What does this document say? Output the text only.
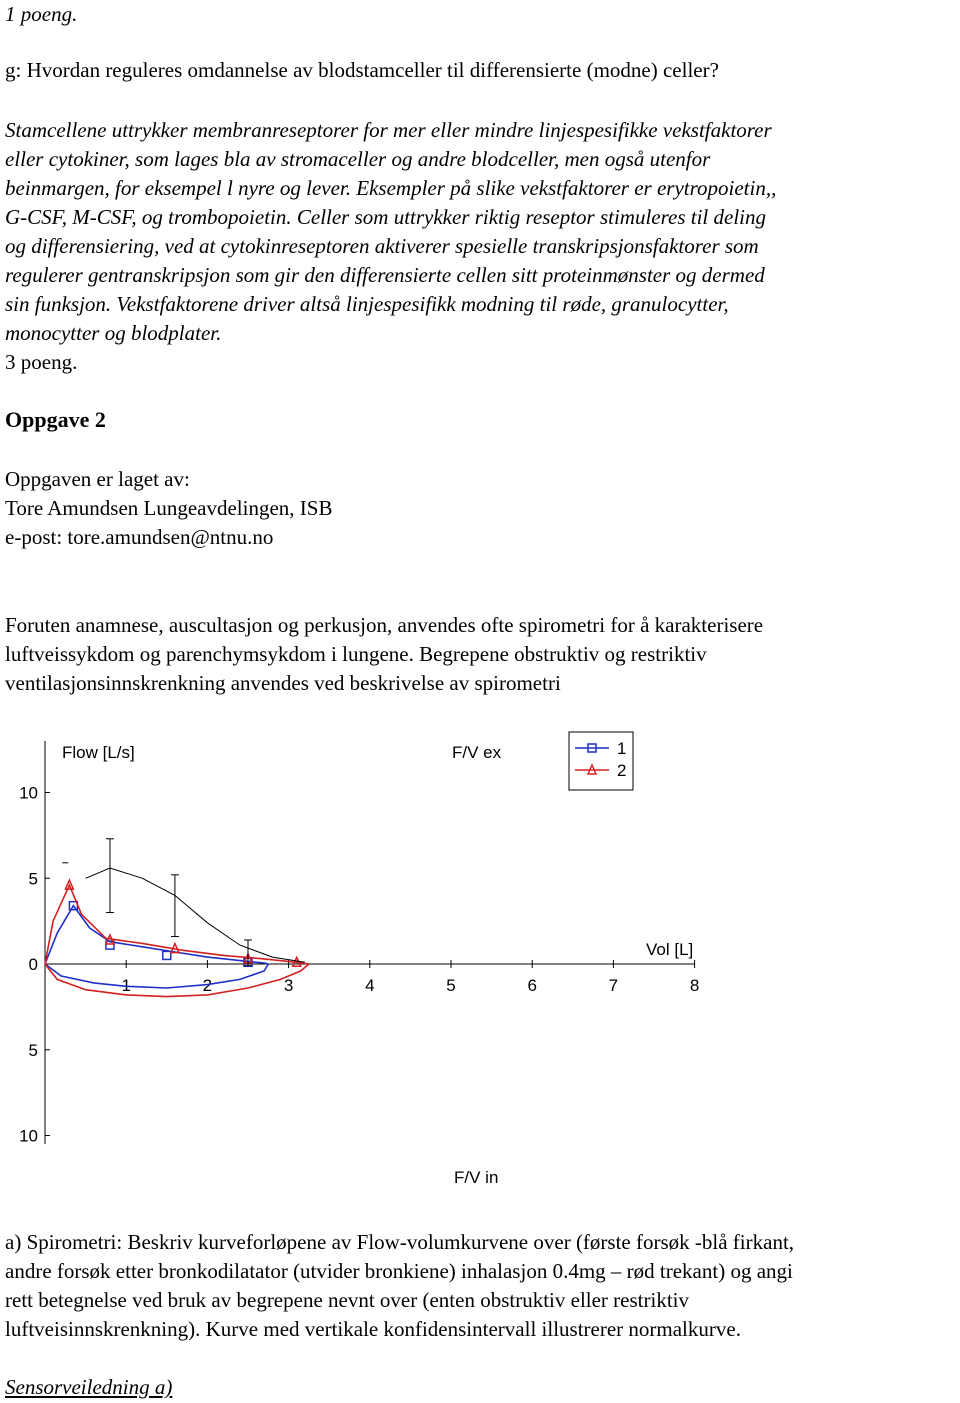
1 poeng.
g: Hvordan reguleres omdannelse av blodstamceller til differensierte (modne) celler?
Stamcellene uttrykker membranreseptorer for mer eller mindre linjespesifikke vekstfaktorer
eller cytokiner, som lages bla av stromaceller og andre blodceller, men også utenfor
beinmargen, for eksempel l nyre og lever. Eksempler på slike vekstfaktorer er erytropoietin,,
G-CSF, M-CSF, og trombopoietin. Celler som uttrykker riktig reseptor stimuleres til deling
og differensiering, ved at cytokinreseptoren aktiverer spesielle transkripsjonsfaktorer som
regulerer gentranskripsjon som gir den differensierte cellen sitt proteinmønster og dermed
sin funksjon. Vekstfaktorene driver altså linjespesifikk modning til røde, granulocytter,
monocytter og blodplater.
3 poeng.
Oppgave 2
Oppgaven er laget av:
Tore Amundsen Lungeavdelingen, ISB
e-post: tore.amundsen@ntnu.no
Foruten anamnese, auscultasjon og perkusjon, anvendes ofte spirometri for å karakterisere
luftveissykdom og parenchymsykdom i lungene. Begrepene obstruktiv og restriktiv
ventilasjonsinnskrenkning anvendes ved beskrivelse av spirometri
10
5
0
5
10
1	2	3	4	5	6	7	8
Flow [L/s]	F/V ex
Vol [L]
F/V in
1
2
a) Spirometri: Beskriv kurveforløpene av Flow-volumkurvene over (første forsøk -blå firkant,
andre forsøk etter bronkodilatator (utvider bronkiene) inhalasjon 0.4mg – rød trekant) og angi
rett betegnelse ved bruk av begrepene nevnt over (enten obstruktiv eller restriktiv
luftveisinnskrenkning). Kurve med vertikale konfidensintervall illustrerer normalkurve.
Sensorveiledning a)
